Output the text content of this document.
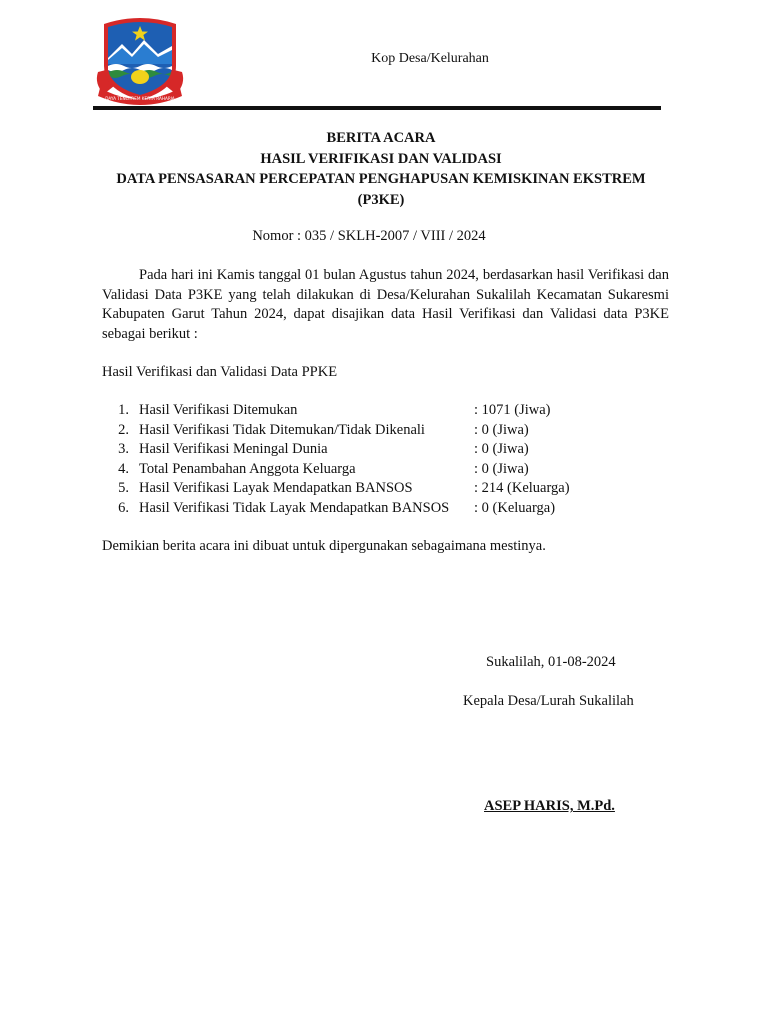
DAYA TENGTREM KERTA RAHARJA
Kop Desa/Kelurahan
BERITA ACARA
HASIL VERIFIKASI DAN VALIDASI
DATA PENSASARAN PERCEPATAN PENGHAPUSAN KEMISKINAN EKSTREM
(P3KE)
Nomor : 035 / SKLH-2007 / VIII / 2024
Pada hari ini Kamis tanggal 01 bulan Agustus tahun 2024, berdasarkan hasil Verifikasi dan Validasi Data P3KE yang telah dilakukan di Desa/Kelurahan Sukalilah Kecamatan Sukaresmi Kabupaten Garut Tahun 2024, dapat disajikan data Hasil Verifikasi dan Validasi data P3KE sebagai berikut :
Hasil Verifikasi dan Validasi Data PPKE
1. Hasil Verifikasi Ditemukan	: 1071 (Jiwa)
2. Hasil Verifikasi Tidak Ditemukan/Tidak Dikenali	: 0 (Jiwa)
3. Hasil Verifikasi Meningal Dunia	: 0 (Jiwa)
4. Total Penambahan Anggota Keluarga	: 0 (Jiwa)
5. Hasil Verifikasi Layak Mendapatkan BANSOS	: 214 (Keluarga)
6. Hasil Verifikasi Tidak Layak Mendapatkan BANSOS	: 0 (Keluarga)
Demikian berita acara ini dibuat untuk dipergunakan sebagaimana mestinya.
Sukalilah, 01-08-2024
Kepala Desa/Lurah Sukalilah
ASEP HARIS, M.Pd.
